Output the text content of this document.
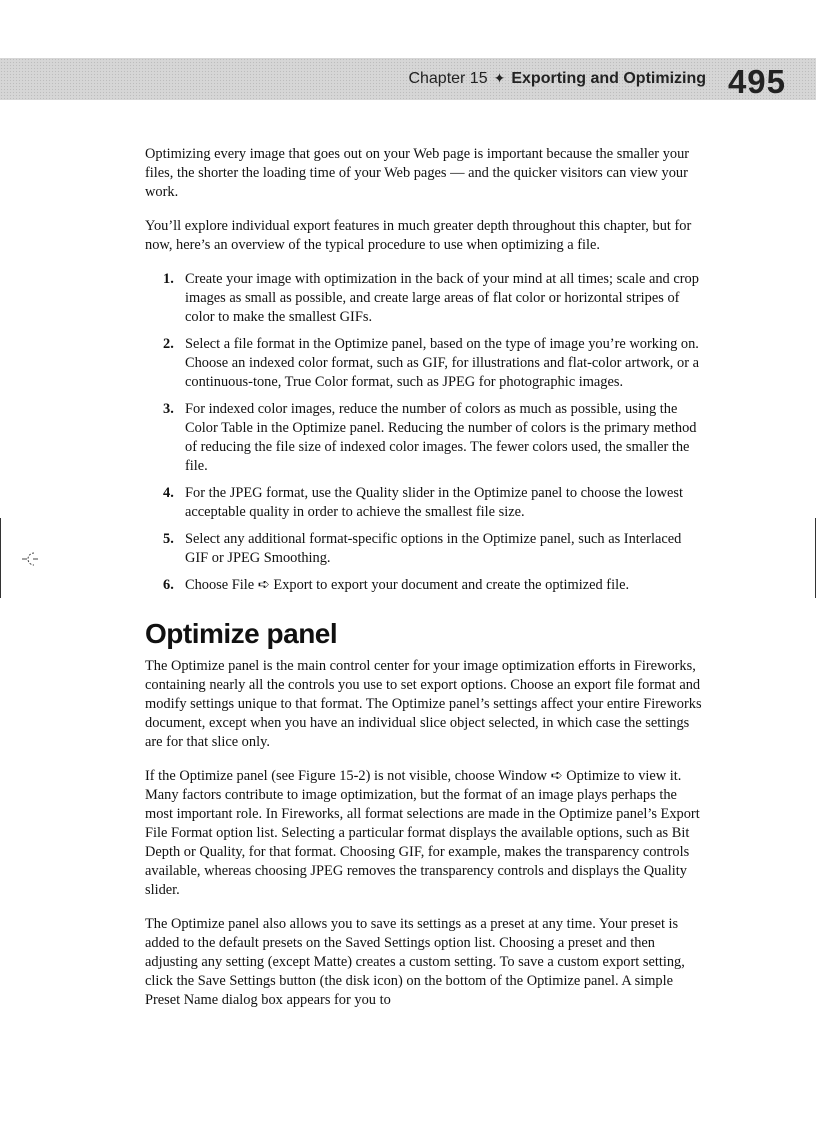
Chapter 15 ✦ Exporting and Optimizing 495

Optimizing every image that goes out on your Web page is important because the smaller your files, the shorter the loading time of your Web pages — and the quicker visitors can view your work.

You’ll explore individual export features in much greater depth throughout this chapter, but for now, here’s an overview of the typical procedure to use when optimizing a file.

1. Create your image with optimization in the back of your mind at all times; scale and crop images as small as possible, and create large areas of flat color or horizontal stripes of color to make the smallest GIFs.
2. Select a file format in the Optimize panel, based on the type of image you’re working on. Choose an indexed color format, such as GIF, for illustrations and flat-color artwork, or a continuous-tone, True Color format, such as JPEG for photographic images.
3. For indexed color images, reduce the number of colors as much as possible, using the Color Table in the Optimize panel. Reducing the number of colors is the primary method of reducing the file size of indexed color images. The fewer colors used, the smaller the file.
4. For the JPEG format, use the Quality slider in the Optimize panel to choose the lowest acceptable quality in order to achieve the smallest file size.
5. Select any additional format-specific options in the Optimize panel, such as Interlaced GIF or JPEG Smoothing.
6. Choose File ➪ Export to export your document and create the optimized file.
Optimize panel

The Optimize panel is the main control center for your image optimization efforts in Fireworks, containing nearly all the controls you use to set export options. Choose an export file format and modify settings unique to that format. The Optimize panel’s settings affect your entire Fireworks document, except when you have an individual slice object selected, in which case the settings are for that slice only.

If the Optimize panel (see Figure 15-2) is not visible, choose Window ➪ Optimize to view it. Many factors contribute to image optimization, but the format of an image plays perhaps the most important role. In Fireworks, all format selections are made in the Optimize panel’s Export File Format option list. Selecting a particular format displays the available options, such as Bit Depth or Quality, for that format. Choosing GIF, for example, makes the transparency controls available, whereas choosing JPEG removes the transparency controls and displays the Quality slider.

The Optimize panel also allows you to save its settings as a preset at any time. Your preset is added to the default presets on the Saved Settings option list. Choosing a preset and then adjusting any setting (except Matte) creates a custom setting. To save a custom export setting, click the Save Settings button (the disk icon) on the bottom of the Optimize panel. A simple Preset Name dialog box appears for you to
